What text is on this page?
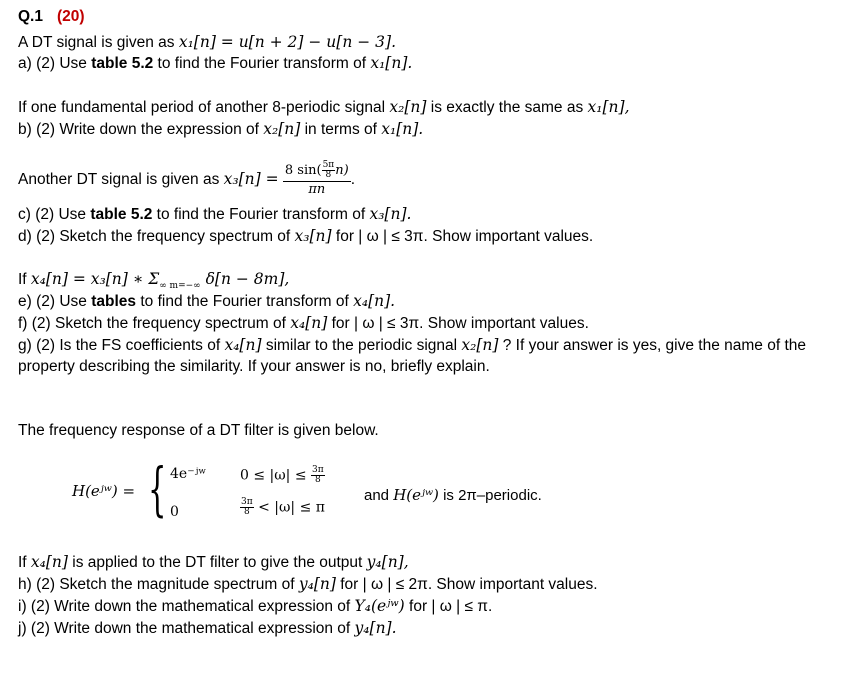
Q.1 (20)
A DT signal is given as x₁[n] = u[n + 2] − u[n − 3].
a) (2) Use table 5.2 to find the Fourier transform of x₁[n].
If one fundamental period of another 8-periodic signal x₂[n] is exactly the same as x₁[n],
b) (2) Write down the expression of x₂[n] in terms of x₁[n].
Another DT signal is given as $x_3[n] = \frac{8 \sin( \frac{5\pi}{8} n)}{\pi n}$ .
c) (2) Use table 5.2 to find the Fourier transform of x₃[n].
d) (2) Sketch the frequency spectrum of x₃[n] for | ω | ≤ 3π. Show important values.
If x₄[n] = x₃[n] ∗ $\Sigma_{\infty m=-\infty}$ δ[n − 8m],
e) (2) Use tables to find the Fourier transform of x₄[n].
f) (2) Sketch the frequency spectrum of x₄[n] for | ω | ≤ 3π. Show important values.
g) (2) Is the FS coefficients of x₄[n] similar to the periodic signal x₂[n] ? If your answer is yes, give the name of the property describing the similarity. If your answer is no, briefly explain.
The frequency response of a DT filter is given below.
H(eʲʷ) = { 4e⁻ʲʷ $0 \le |\omega| \le \frac{3\pi}{8}$
0	$\frac{3\pi}{8} < |\omega| \le \pi$
and H(eʲʷ) is 2π–periodic.
If x₄[n] is applied to the DT filter to give the output y₄[n],
h) (2) Sketch the magnitude spectrum of y₄[n] for | ω | ≤ 2π. Show important values.
i) (2) Write down the mathematical expression of Y₄(eʲʷ) for | ω | ≤ π.
j) (2) Write down the mathematical expression of y₄[n].
